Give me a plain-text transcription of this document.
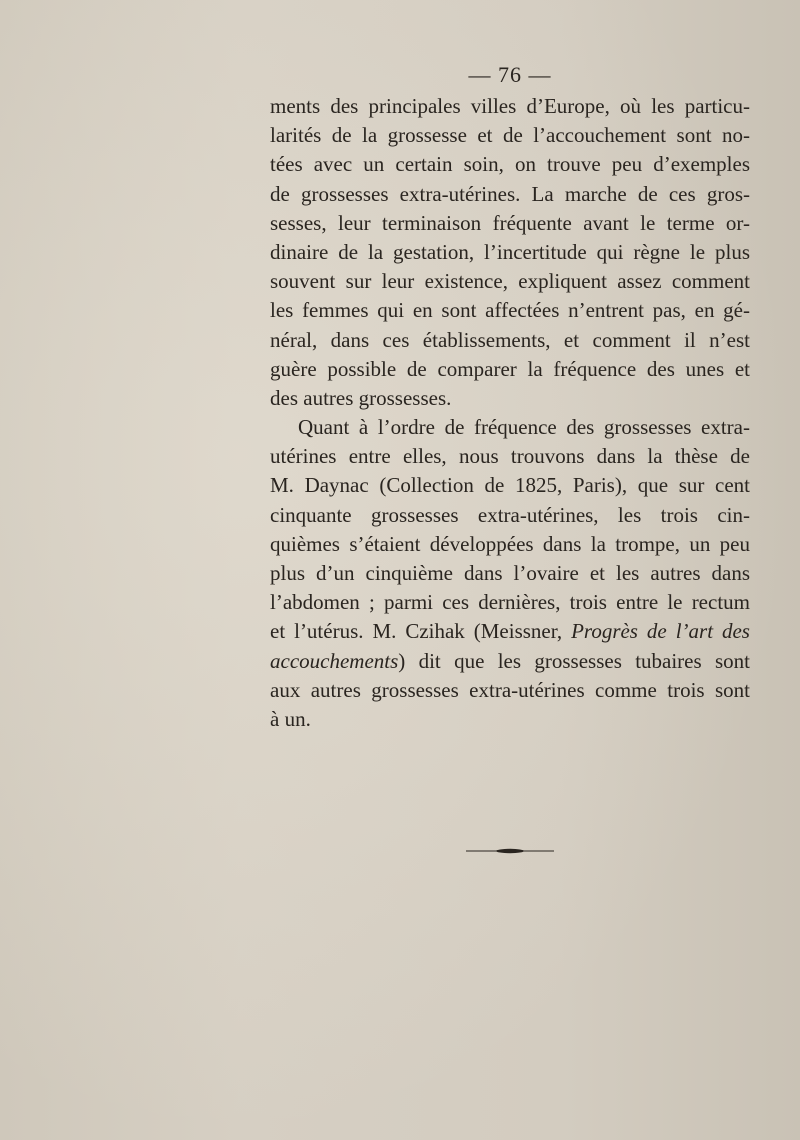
— 76 —
ments des principales villes d’Europe, où les particu-
larités de la grossesse et de l’accouchement sont no-
tées avec un certain soin, on trouve peu d’exemples
de grossesses extra-utérines. La marche de ces gros-
sesses, leur terminaison fréquente avant le terme or-
dinaire de la gestation, l’incertitude qui règne le plus
souvent sur leur existence, expliquent assez comment
les femmes qui en sont affectées n’entrent pas, en gé-
néral, dans ces établissements, et comment il n’est
guère possible de comparer la fréquence des unes et
des autres grossesses.
Quant à l’ordre de fréquence des grossesses extra-
utérines entre elles, nous trouvons dans la thèse de
M. Daynac (Collection de 1825, Paris), que sur cent
cinquante grossesses extra-utérines, les trois cin-
quièmes s’étaient développées dans la trompe, un peu
plus d’un cinquième dans l’ovaire et les autres dans
l’abdomen ; parmi ces dernières, trois entre le rectum
et l’utérus. M. Czihak (Meissner, Progrès de l’art des
accouchements) dit que les grossesses tubaires sont
aux autres grossesses extra-utérines comme trois sont
à un.
